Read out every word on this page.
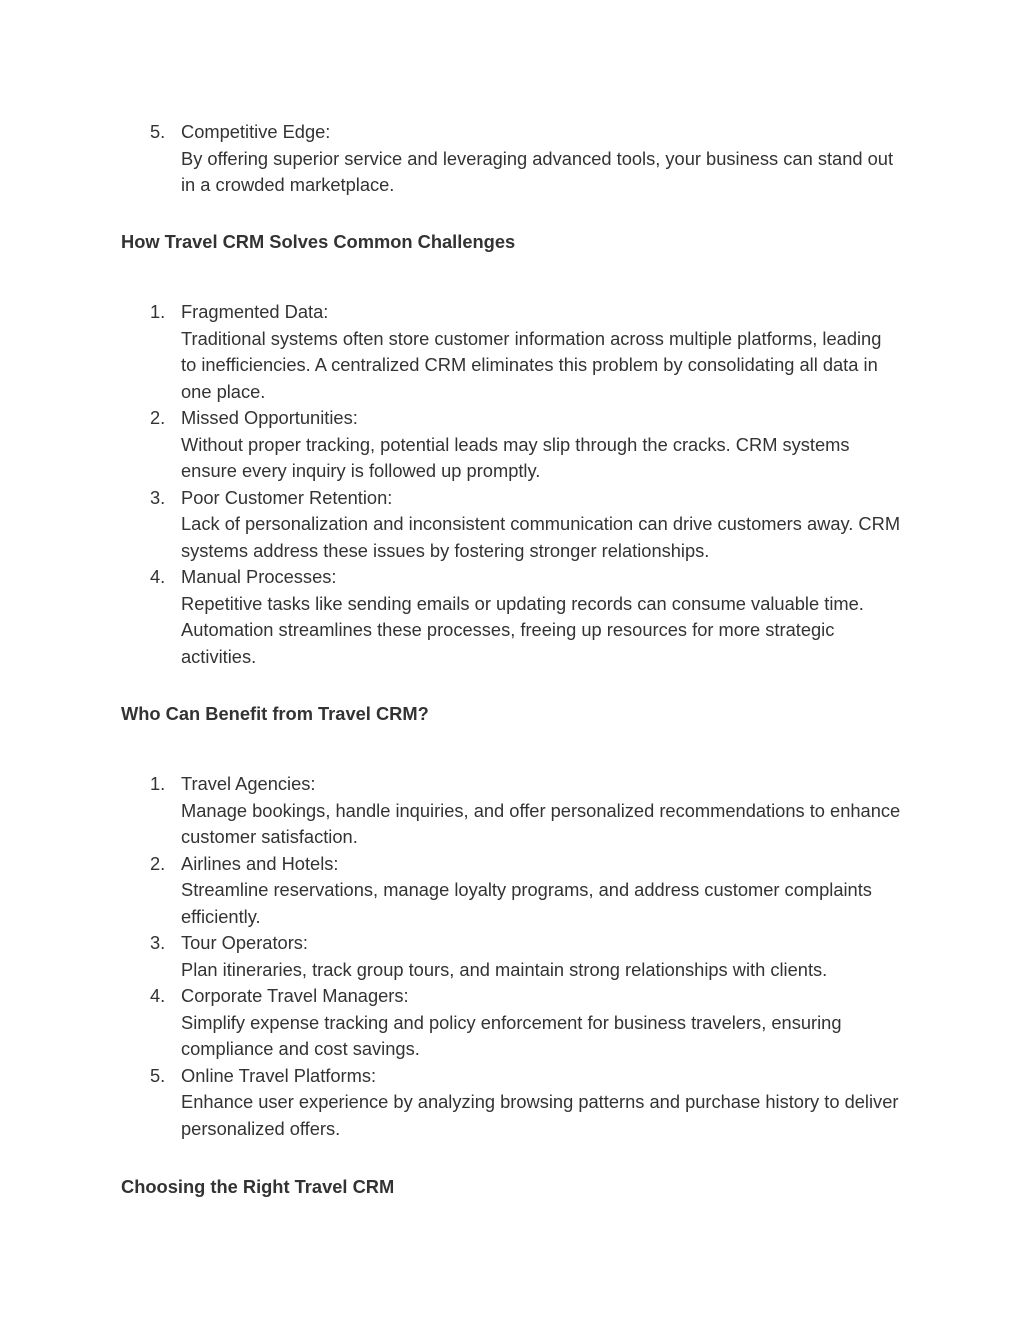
5. Competitive Edge:
By offering superior service and leveraging advanced tools, your business can stand out in a crowded marketplace.
How Travel CRM Solves Common Challenges
1. Fragmented Data:
Traditional systems often store customer information across multiple platforms, leading to inefficiencies. A centralized CRM eliminates this problem by consolidating all data in one place.
2. Missed Opportunities:
Without proper tracking, potential leads may slip through the cracks. CRM systems ensure every inquiry is followed up promptly.
3. Poor Customer Retention:
Lack of personalization and inconsistent communication can drive customers away. CRM systems address these issues by fostering stronger relationships.
4. Manual Processes:
Repetitive tasks like sending emails or updating records can consume valuable time. Automation streamlines these processes, freeing up resources for more strategic activities.
Who Can Benefit from Travel CRM?
1. Travel Agencies:
Manage bookings, handle inquiries, and offer personalized recommendations to enhance customer satisfaction.
2. Airlines and Hotels:
Streamline reservations, manage loyalty programs, and address customer complaints efficiently.
3. Tour Operators:
Plan itineraries, track group tours, and maintain strong relationships with clients.
4. Corporate Travel Managers:
Simplify expense tracking and policy enforcement for business travelers, ensuring compliance and cost savings.
5. Online Travel Platforms:
Enhance user experience by analyzing browsing patterns and purchase history to deliver personalized offers.
Choosing the Right Travel CRM
